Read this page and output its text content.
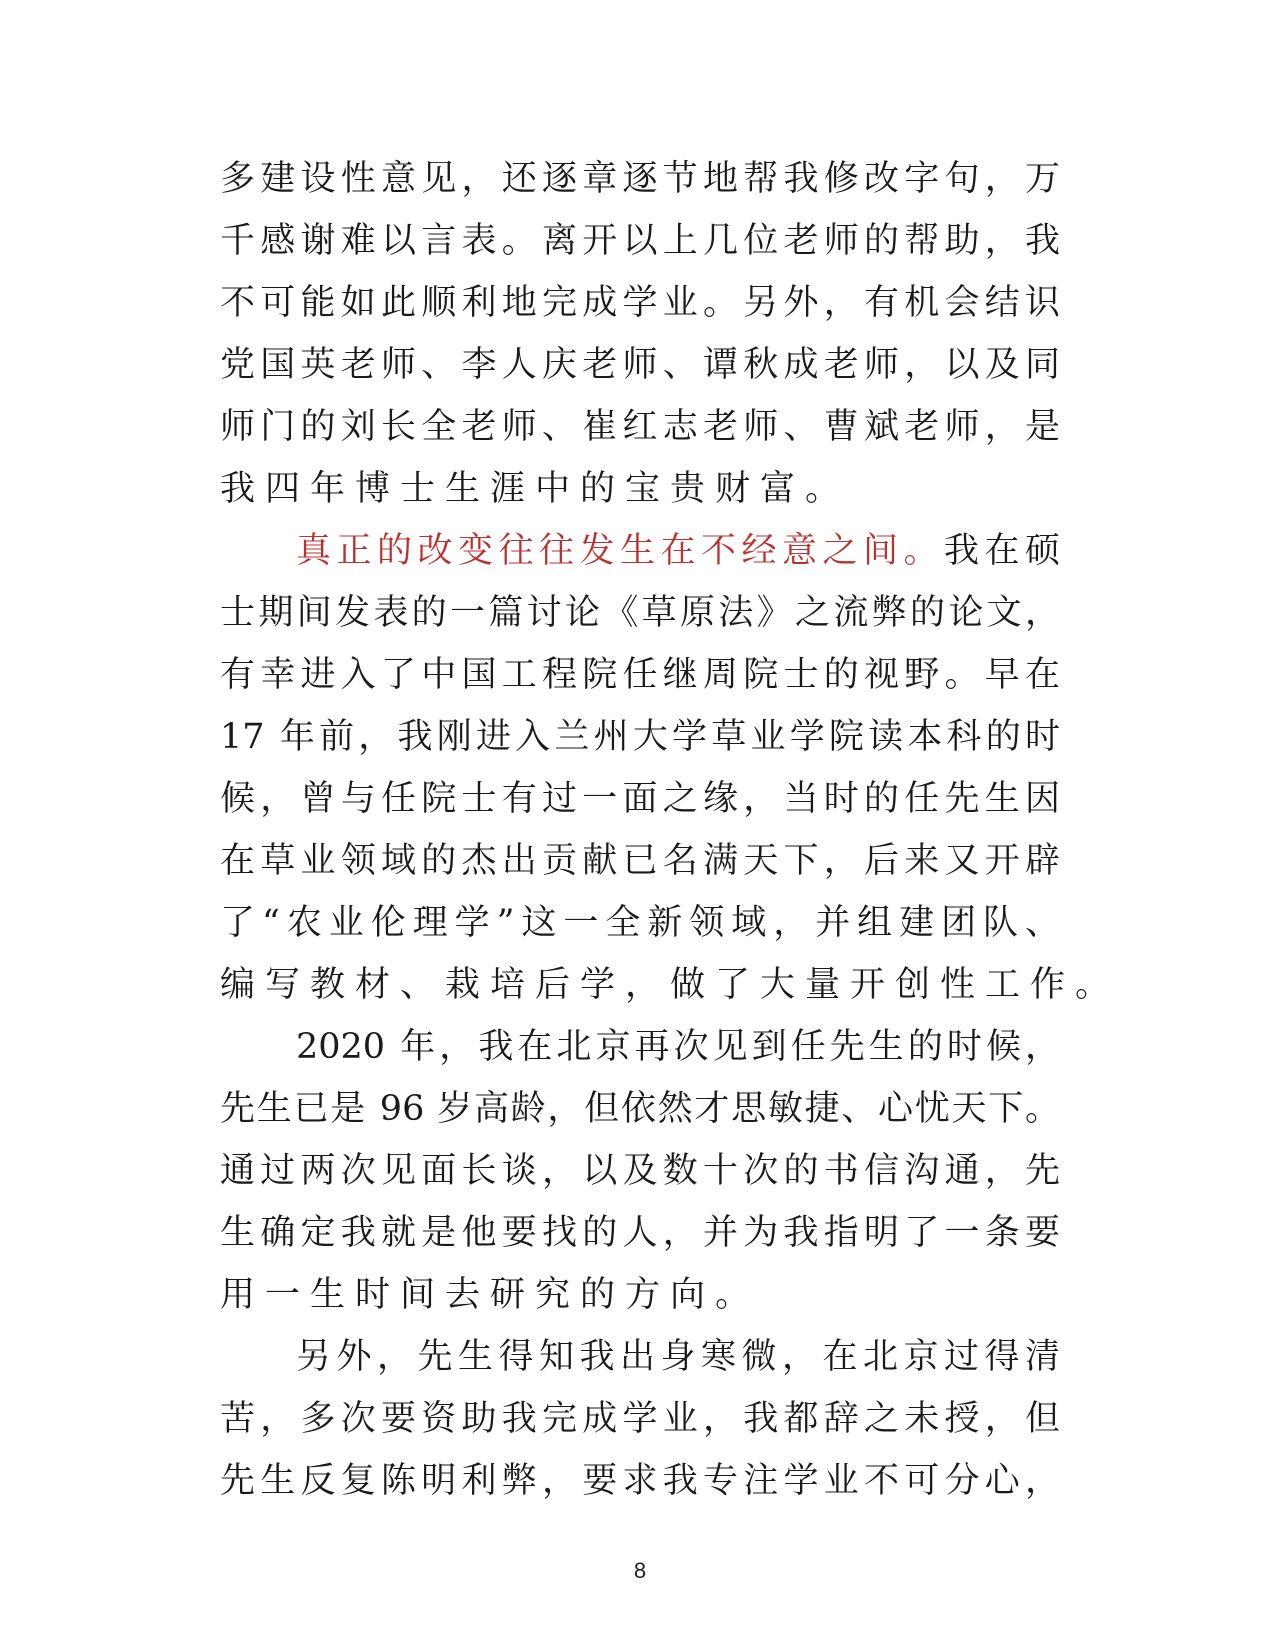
多建设性意见，还逐章逐节地帮我修改字句，万
千感谢难以言表。离开以上几位老师的帮助，我
不可能如此顺利地完成学业。另外，有机会结识
党国英老师、李人庆老师、谭秋成老师，以及同
师门的刘长全老师、崔红志老师、曹斌老师，是
我四年博士生涯中的宝贵财富。
真正的改变往往发生在不经意之间。我在硕
士期间发表的一篇讨论《草原法》之流弊的论文，
有幸进入了中国工程院任继周院士的视野。早在
17 年前，我刚进入兰州大学草业学院读本科的时
候，曾与任院士有过一面之缘，当时的任先生因
在草业领域的杰出贡献已名满天下，后来又开辟
了“农业伦理学”这一全新领域，并组建团队、
编写教材、栽培后学，做了大量开创性工作。
2020 年，我在北京再次见到任先生的时候，
先生已是 96 岁高龄，但依然才思敏捷、心忧天下。
通过两次见面长谈，以及数十次的书信沟通，先
生确定我就是他要找的人，并为我指明了一条要
用一生时间去研究的方向。
另外，先生得知我出身寒微，在北京过得清
苦，多次要资助我完成学业，我都辞之未授，但
先生反复陈明利弊，要求我专注学业不可分心，
8
